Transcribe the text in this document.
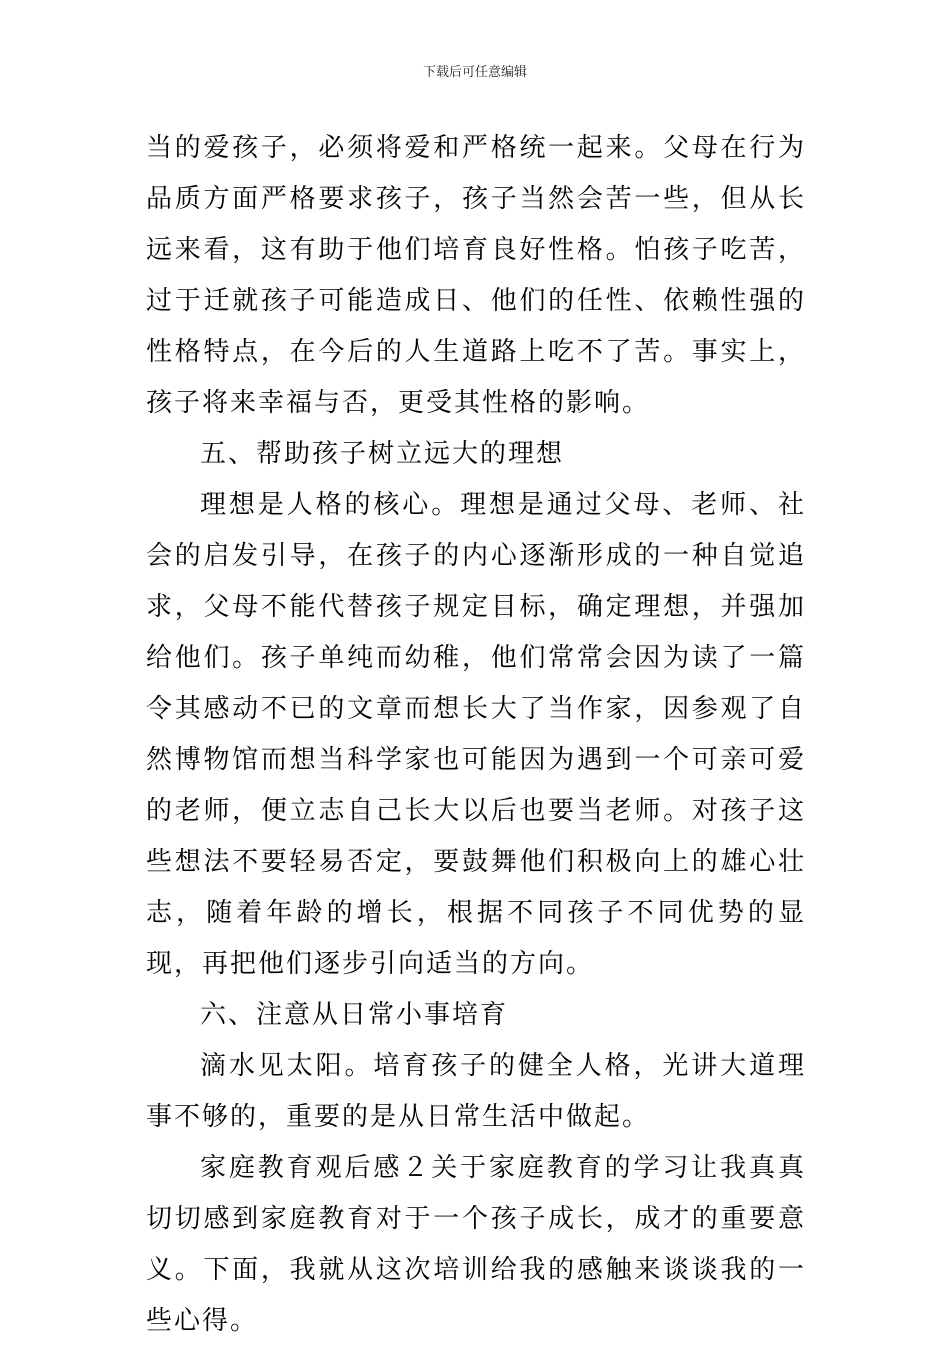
下载后可任意编辑

当的爱孩子，必须将爱和严格统一起来。父母在行为品质方面严格要求孩子，孩子当然会苦一些，但从长远来看，这有助于他们培育良好性格。怕孩子吃苦，过于迁就孩子可能造成日、他们的任性、依赖性强的性格特点，在今后的人生道路上吃不了苦。事实上，孩子将来幸福与否，更受其性格的影响。

五、帮助孩子树立远大的理想

理想是人格的核心。理想是通过父母、老师、社会的启发引导，在孩子的内心逐渐形成的一种自觉追求，父母不能代替孩子规定目标，确定理想，并强加给他们。孩子单纯而幼稚，他们常常会因为读了一篇令其感动不已的文章而想长大了当作家，因参观了自然博物馆而想当科学家也可能因为遇到一个可亲可爱的老师，便立志自己长大以后也要当老师。对孩子这些想法不要轻易否定，要鼓舞他们积极向上的雄心壮志，随着年龄的增长，根据不同孩子不同优势的显现，再把他们逐步引向适当的方向。

六、注意从日常小事培育

滴水见太阳。培育孩子的健全人格，光讲大道理事不够的，重要的是从日常生活中做起。

家庭教育观后感２关于家庭教育的学习让我真真切切感到家庭教育对于一个孩子成长，成才的重要意义。下面，我就从这次培训给我的感触来谈谈我的一些心得。
